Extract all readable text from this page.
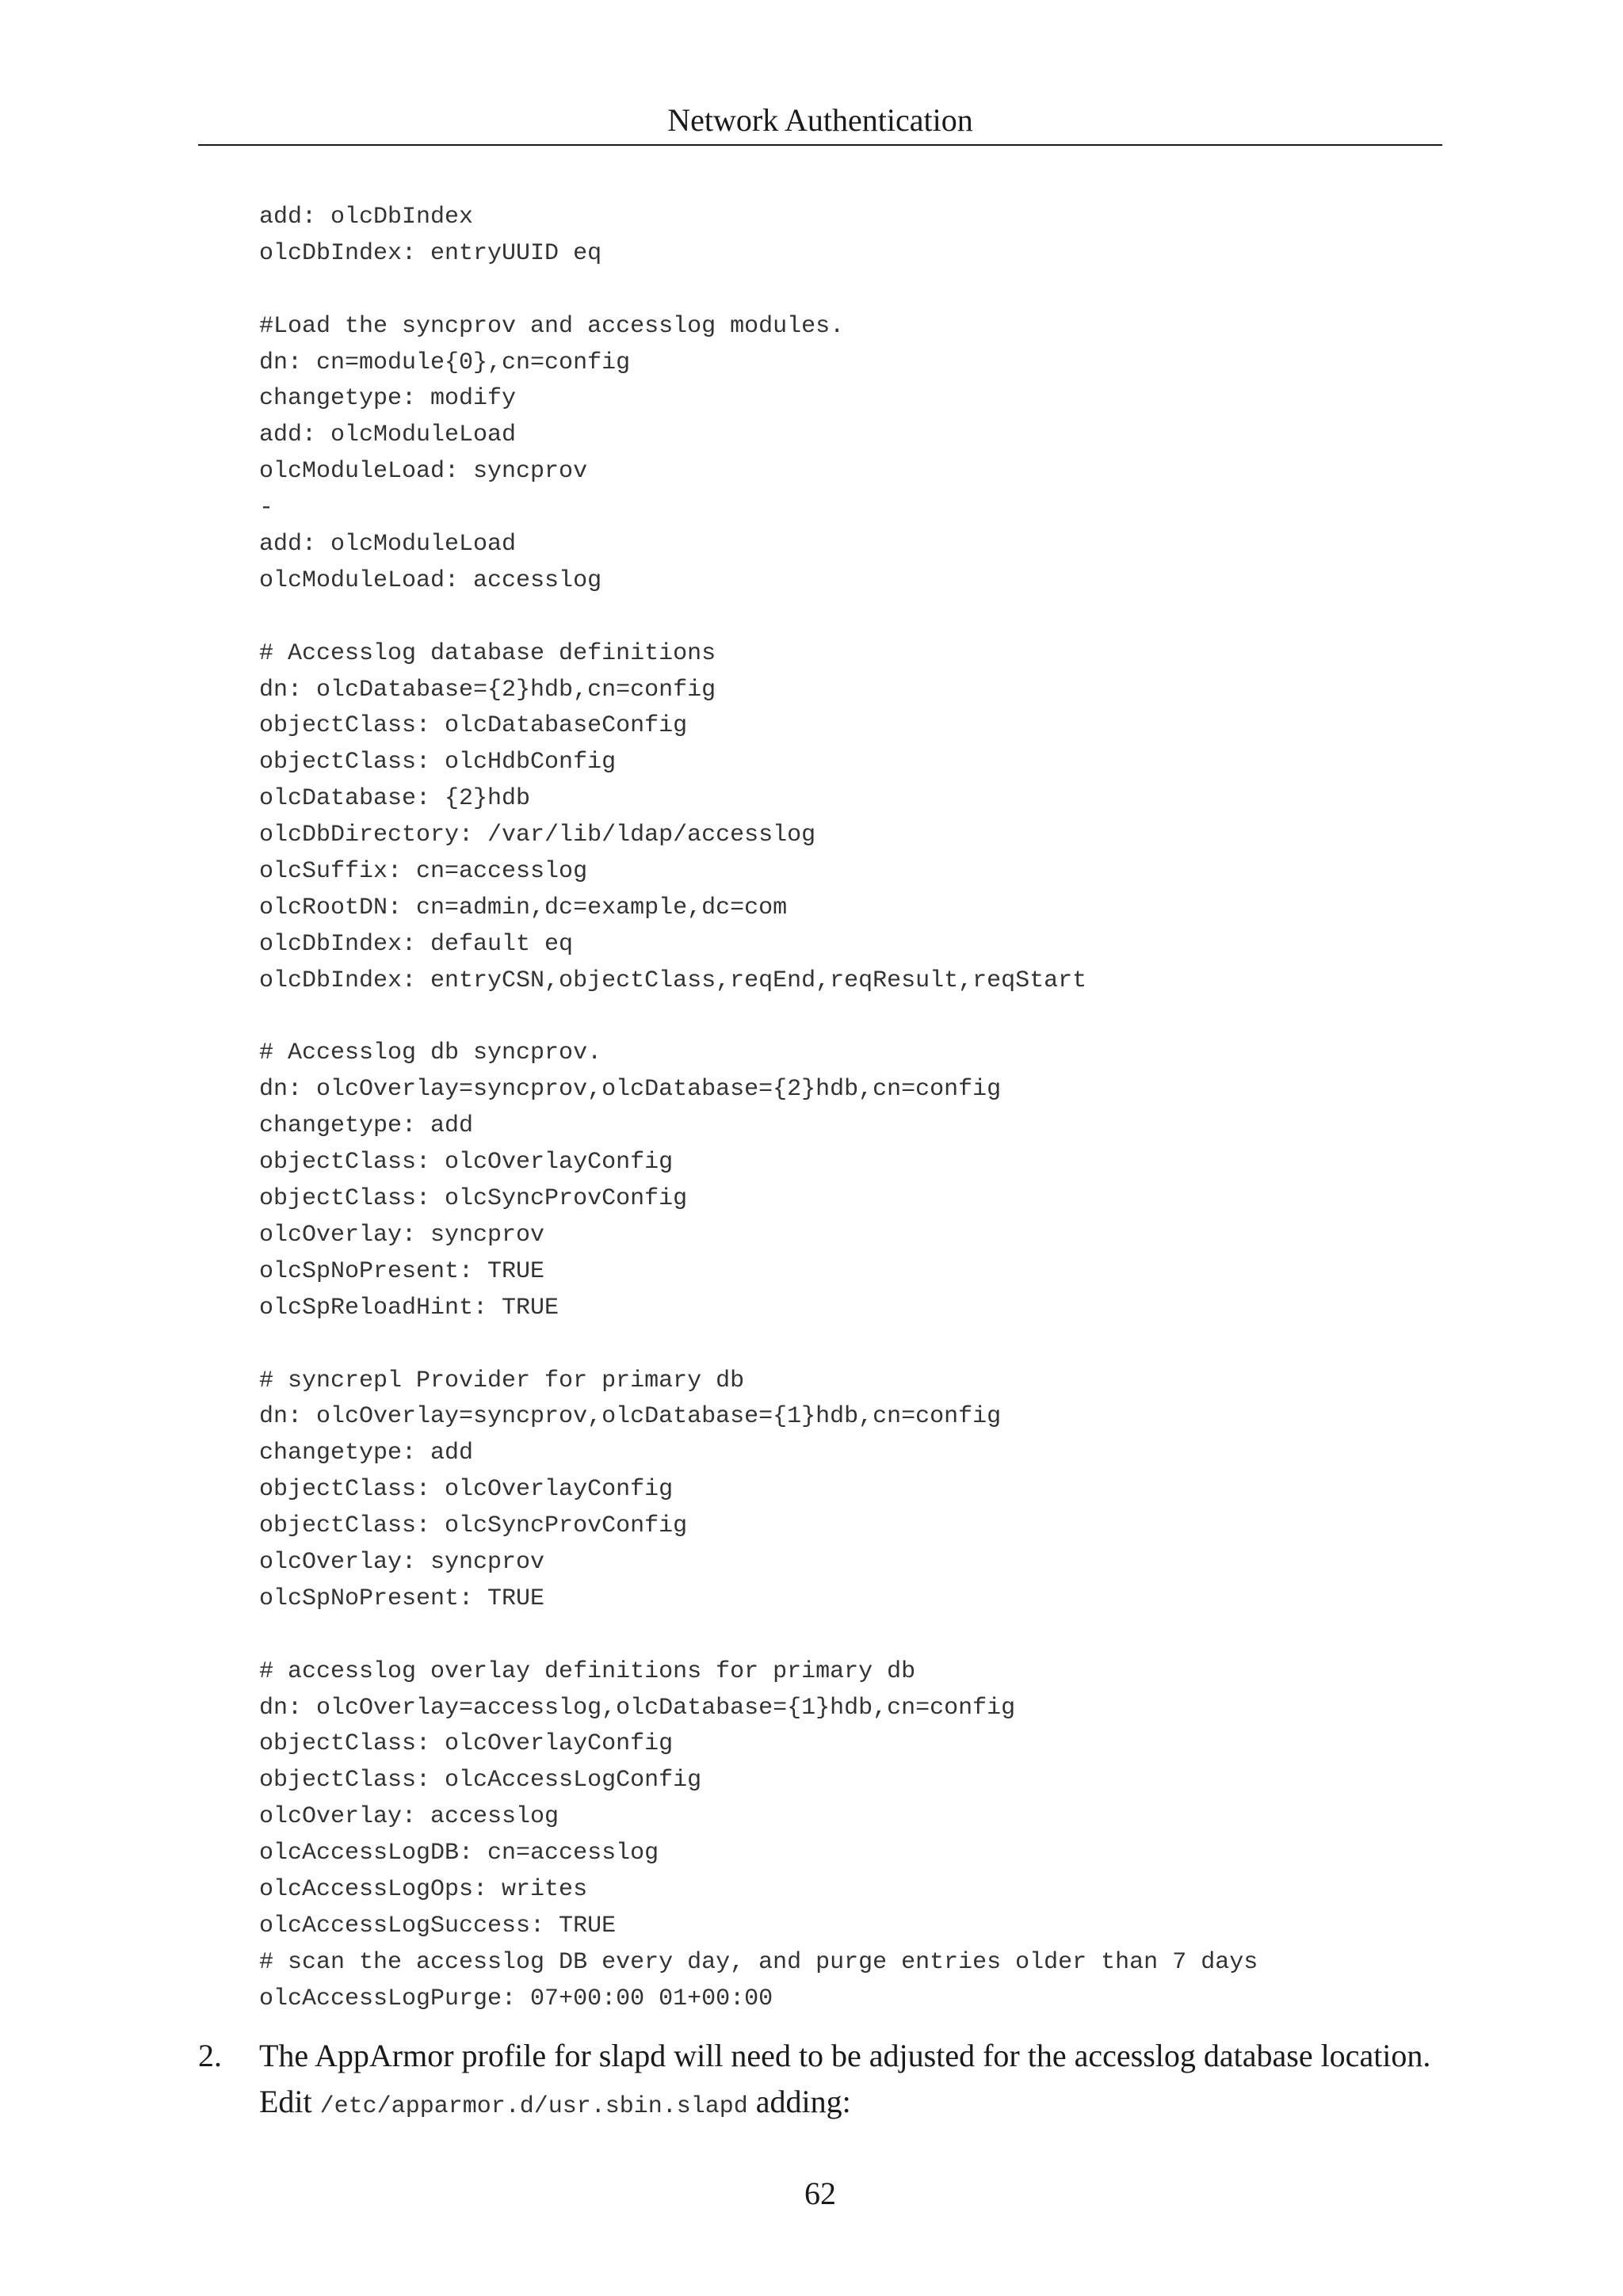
Network Authentication
add: olcDbIndex
olcDbIndex: entryUUID eq
#Load the syncprov and accesslog modules.
dn: cn=module{0},cn=config
changetype: modify
add: olcModuleLoad
olcModuleLoad: syncprov
-
add: olcModuleLoad
olcModuleLoad: accesslog
# Accesslog database definitions
dn: olcDatabase={2}hdb,cn=config
objectClass: olcDatabaseConfig
objectClass: olcHdbConfig
olcDatabase: {2}hdb
olcDbDirectory: /var/lib/ldap/accesslog
olcSuffix: cn=accesslog
olcRootDN: cn=admin,dc=example,dc=com
olcDbIndex: default eq
olcDbIndex: entryCSN,objectClass,reqEnd,reqResult,reqStart
# Accesslog db syncprov.
dn: olcOverlay=syncprov,olcDatabase={2}hdb,cn=config
changetype: add
objectClass: olcOverlayConfig
objectClass: olcSyncProvConfig
olcOverlay: syncprov
olcSpNoPresent: TRUE
olcSpReloadHint: TRUE
# syncrepl Provider for primary db
dn: olcOverlay=syncprov,olcDatabase={1}hdb,cn=config
changetype: add
objectClass: olcOverlayConfig
objectClass: olcSyncProvConfig
olcOverlay: syncprov
olcSpNoPresent: TRUE
# accesslog overlay definitions for primary db
dn: olcOverlay=accesslog,olcDatabase={1}hdb,cn=config
objectClass: olcOverlayConfig
objectClass: olcAccessLogConfig
olcOverlay: accesslog
olcAccessLogDB: cn=accesslog
olcAccessLogOps: writes
olcAccessLogSuccess: TRUE
# scan the accesslog DB every day, and purge entries older than 7 days
olcAccessLogPurge: 07+00:00 01+00:00
2. The AppArmor profile for slapd will need to be adjusted for the accesslog database location. Edit /etc/apparmor.d/usr.sbin.slapd adding:
62
